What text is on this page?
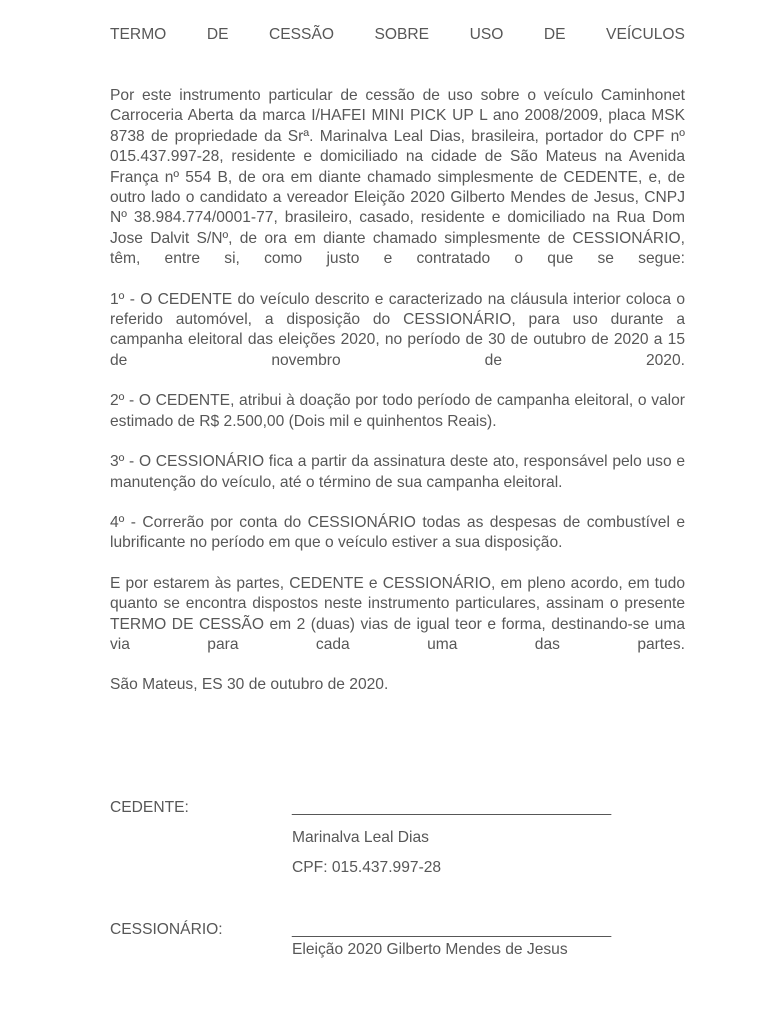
TERMO	DE	CESSÃO	SOBRE	USO	DE	VEÍCULOS

Por este instrumento particular de cessão de uso sobre o veículo Caminhonet Carroceria Aberta da marca I/HAFEI MINI PICK UP L ano 2008/2009, placa MSK 8738 de propriedade da Srª. Marinalva Leal Dias, brasileira, portador do CPF nº 015.437.997-28, residente e domiciliado na cidade de São Mateus na Avenida França nº 554 B, de ora em diante chamado simplesmente de CEDENTE, e, de outro lado o candidato a vereador Eleição 2020 Gilberto Mendes de Jesus, CNPJ Nº 38.984.774/0001-77, brasileiro, casado, residente e domiciliado na Rua Dom Jose Dalvit S/Nº, de ora em diante chamado simplesmente de CESSIONÁRIO, têm, entre si, como justo e contratado o que se segue:

1º - O CEDENTE do veículo descrito e caracterizado na cláusula interior coloca o referido automóvel, a disposição do CESSIONÁRIO, para uso durante a campanha eleitoral das eleições 2020, no período de 30 de outubro de 2020 a 15 de novembro de 2020.

2º - O CEDENTE, atribui à doação por todo período de campanha eleitoral, o valor estimado de R$ 2.500,00 (Dois mil e quinhentos Reais).

3º - O CESSIONÁRIO fica a partir da assinatura deste ato, responsável pelo uso e manutenção do veículo, até o término de sua campanha eleitoral.

4º - Correrão por conta do CESSIONÁRIO todas as despesas de combustível e lubrificante no período em que o veículo estiver a sua disposição.

E por estarem às partes, CEDENTE e CESSIONÁRIO, em pleno acordo, em tudo quanto se encontra dispostos neste instrumento particulares, assinam o presente TERMO DE CESSÃO em 2 (duas) vias de igual teor e forma, destinando-se uma via para cada uma das partes.

São Mateus, ES 30 de outubro de 2020.

CEDENTE:	_______________________________________
Marinalva Leal Dias
CPF: 015.437.997-28
CESSIONÁRIO:	_______________________________________
Eleição 2020 Gilberto Mendes de Jesus
